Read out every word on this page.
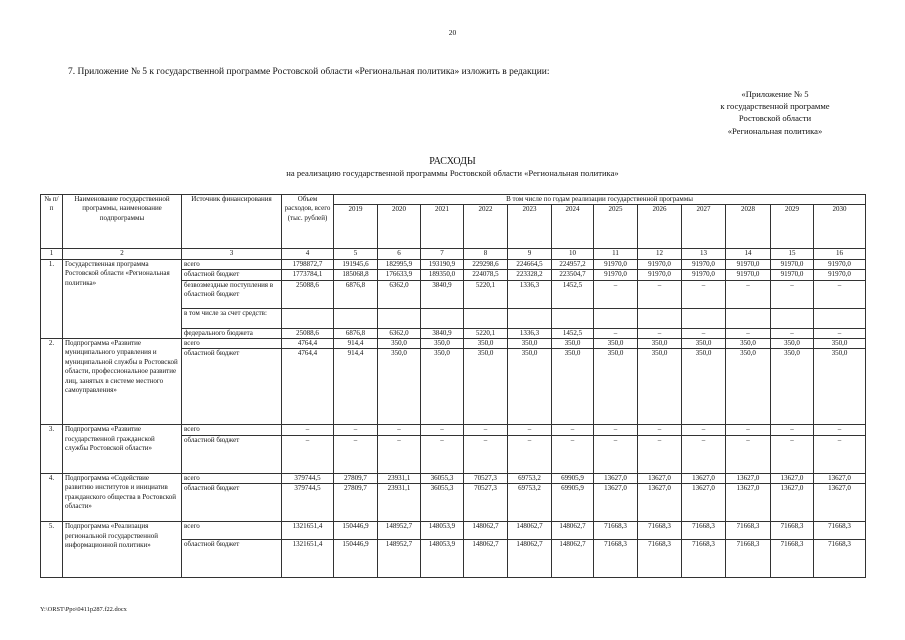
20
7. Приложение № 5 к государственной программе Ростовской области «Региональная политика» изложить в редакции:
«Приложение № 5
к государственной программе
Ростовской области
«Региональная политика»
РАСХОДЫ
на реализацию государственной программы Ростовской области «Региональная политика»
№ п/п	Наименование государственной программы, наименование подпрограммы	Источник финансирования	Объем расходов, всего (тыс. рублей)	В том числе по годам реализации государственной программы											
				2019	2020	2021	2022	2023	2024	2025	2026	2027	2028	2029	2030
1	2	3	4	5	6	7	8	9	10	11	12	13	14	15	16
1.	Государственная программа Ростовской области «Региональная политика»	всего	1798872,7	191945,6	182995,9	193190,9	229298,6	224664,5	224957,2	91970,0	91970,0	91970,0	91970,0	91970,0	91970,0
		областной бюджет	1773784,1	185068,8	176633,9	189350,0	224078,5	223328,2	223504,7	91970,0	91970,0	91970,0	91970,0	91970,0	91970,0
		безвозмездные поступления в областной бюджет	25088,6	6876,8	6362,0	3840,9	5220,1	1336,3	1452,5	–	–	–	–	–	–
		в том числе за счет средств:													
		федерального бюджета	25088,6	6876,8	6362,0	3840,9	5220,1	1336,3	1452,5	–	–	–	–	–	–
2.	Подпрограмма «Развитие муниципального управления и муниципальной службы в Ростовской области, профессиональное развитие лиц, занятых в системе местного самоуправления»	всего	4764,4	914,4	350,0	350,0	350,0	350,0	350,0	350,0	350,0	350,0	350,0	350,0	350,0
		областной бюджет	4764,4	914,4	350,0	350,0	350,0	350,0	350,0	350,0	350,0	350,0	350,0	350,0	350,0
3.	Подпрограмма «Развитие государственной гражданской службы Ростовской области»	всего	–	–	–	–	–	–	–	–	–	–	–	–	–
		областной бюджет	–	–	–	–	–	–	–	–	–	–	–	–	–
4.	Подпрограмма «Содействие развитию институтов и инициатив гражданского общества в Ростовской области»	всего	379744,5	27809,7	23931,1	36055,3	70527,3	69753,2	69905,9	13627,0	13627,0	13627,0	13627,0	13627,0	13627,0
		областной бюджет	379744,5	27809,7	23931,1	36055,3	70527,3	69753,2	69905,9	13627,0	13627,0	13627,0	13627,0	13627,0	13627,0
5.	Подпрограмма «Реализация региональной государственной информационной политики»	всего	1321651,4	150446,9	148952,7	148053,9	148062,7	148062,7	148062,7	71668,3	71668,3	71668,3	71668,3	71668,3	71668,3
		областной бюджет	1321651,4	150446,9	148952,7	148053,9	148062,7	148062,7	148062,7	71668,3	71668,3	71668,3	71668,3	71668,3	71668,3
Y:\ORST\Ppo\0411p287.f22.docx
